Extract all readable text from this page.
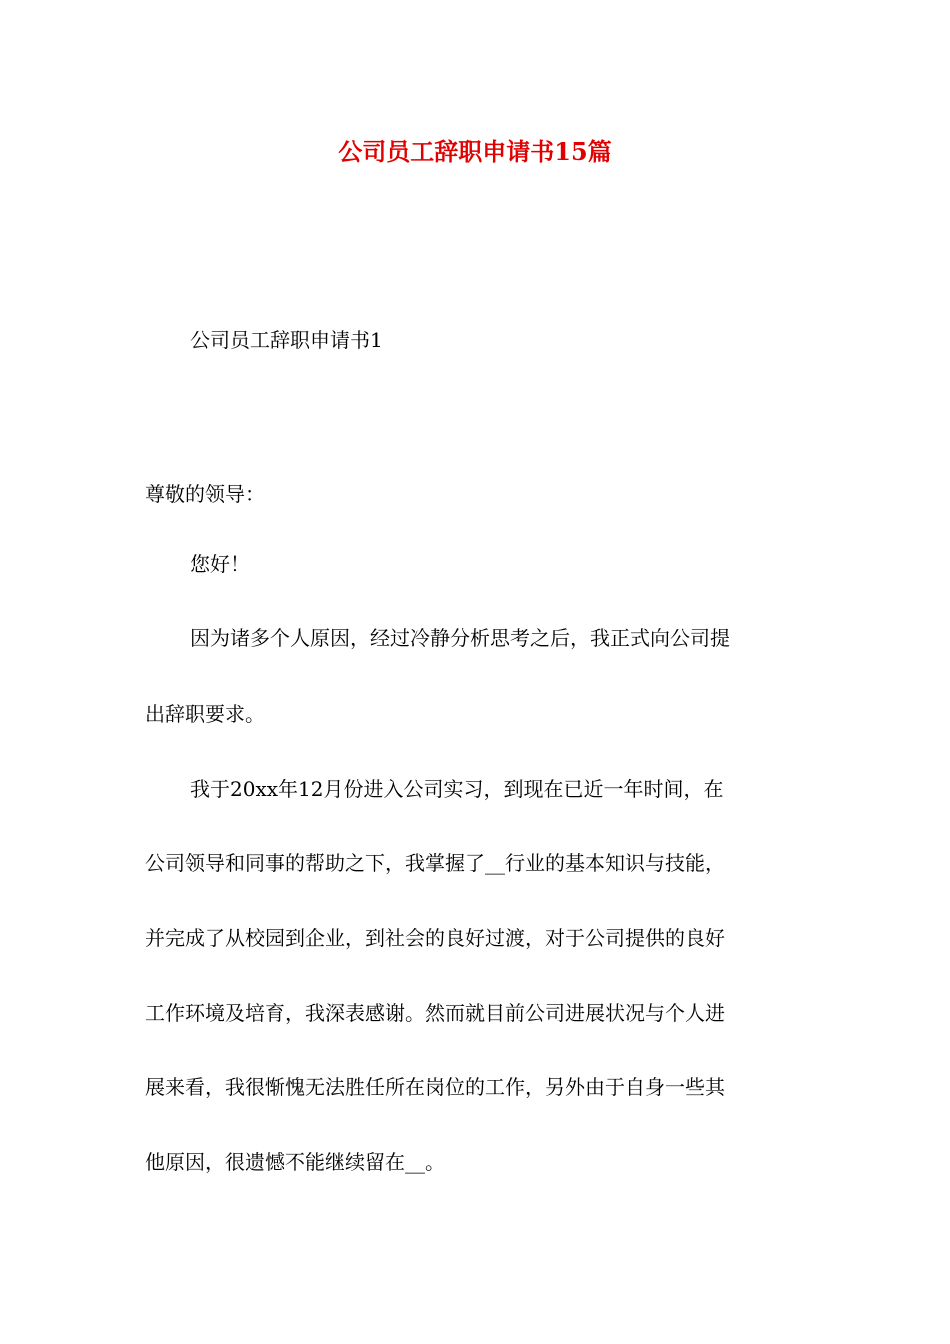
公司员工辞职申请书15篇
公司员工辞职申请书1
尊敬的领导：
您好！
因为诸多个人原因，经过冷静分析思考之后，我正式向公司提
出辞职要求。
我于20xx年12月份进入公司实习，到现在已近一年时间，在
公司领导和同事的帮助之下，我掌握了__行业的基本知识与技能，
并完成了从校园到企业，到社会的良好过渡，对于公司提供的良好
工作环境及培育，我深表感谢。然而就目前公司进展状况与个人进
展来看，我很惭愧无法胜任所在岗位的工作，另外由于自身一些其
他原因，很遗憾不能继续留在__。
